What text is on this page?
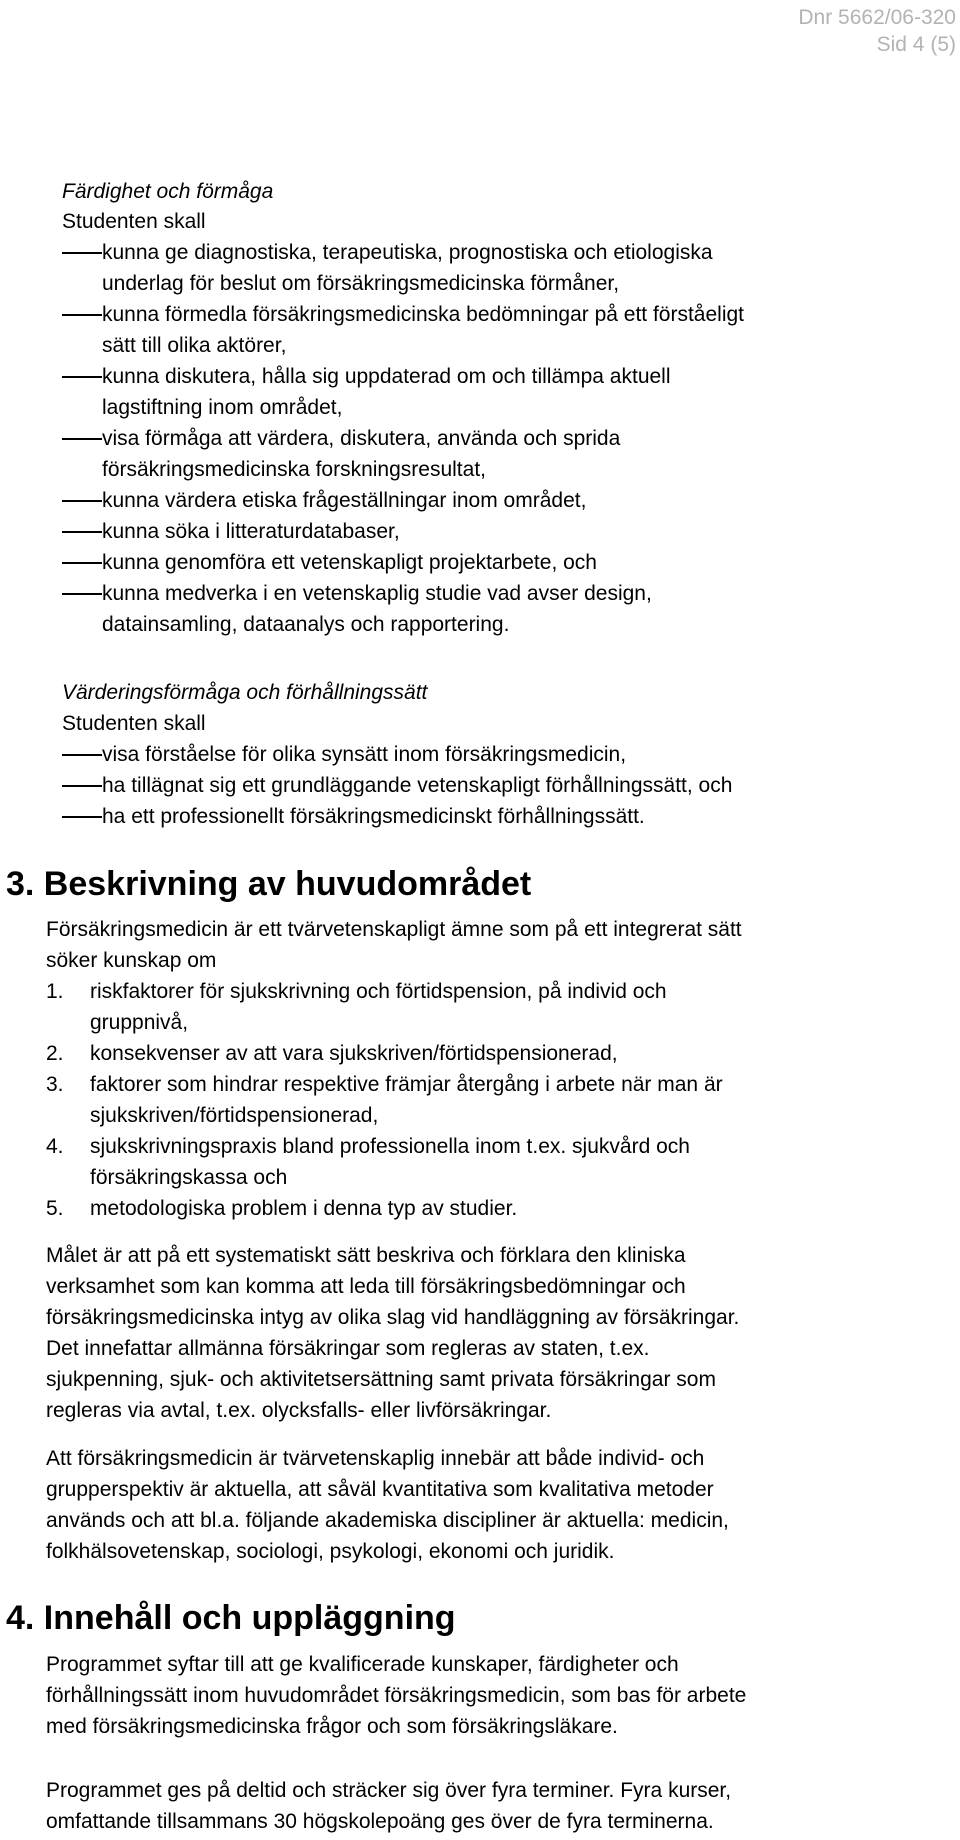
Dnr 5662/06-320
Sid 4 (5)
Färdighet och förmåga
Studenten skall
kunna ge diagnostiska, terapeutiska, prognostiska och etiologiska
underlag för beslut om försäkringsmedicinska förmåner,
kunna förmedla försäkringsmedicinska bedömningar på ett förståeligt
sätt till olika aktörer,
kunna diskutera, hålla sig uppdaterad om och tillämpa aktuell
lagstiftning inom området,
visa förmåga att värdera, diskutera, använda och sprida
försäkringsmedicinska forskningsresultat,
kunna värdera etiska frågeställningar inom området,
kunna söka i litteraturdatabaser,
kunna genomföra ett vetenskapligt projektarbete, och
kunna medverka i en vetenskaplig studie vad avser design,
datainsamling, dataanalys och rapportering.
Värderingsförmåga och förhållningssätt
Studenten skall
visa förståelse för olika synsätt inom försäkringsmedicin,
ha tillägnat sig ett grundläggande vetenskapligt förhållningssätt, och
ha ett professionellt försäkringsmedicinskt förhållningssätt.
3. Beskrivning av huvudområdet
Försäkringsmedicin är ett tvärvetenskapligt ämne som på ett integrerat sätt
söker kunskap om
1.	riskfaktorer för sjukskrivning och förtidspension, på individ och
gruppnivå,
2.	konsekvenser av att vara sjukskriven/förtidspensionerad,
3.	faktorer som hindrar respektive främjar återgång i arbete när man är
sjukskriven/förtidspensionerad,
4.	sjukskrivningspraxis bland professionella inom t.ex. sjukvård och
försäkringskassa och
5.	metodologiska problem i denna typ av studier.
Målet är att på ett systematiskt sätt beskriva och förklara den kliniska
verksamhet som kan komma att leda till försäkringsbedömningar och
försäkringsmedicinska intyg av olika slag vid handläggning av försäkringar.
Det innefattar allmänna försäkringar som regleras av staten, t.ex.
sjukpenning, sjuk- och aktivitetsersättning samt privata försäkringar som
regleras via avtal, t.ex. olycksfalls- eller livförsäkringar.
Att försäkringsmedicin är tvärvetenskaplig innebär att både individ- och
grupperspektiv är aktuella, att såväl kvantitativa som kvalitativa metoder
används och att bl.a. följande akademiska discipliner är aktuella: medicin,
folkhälsovetenskap, sociologi, psykologi, ekonomi och juridik.
4. Innehåll och uppläggning
Programmet syftar till att ge kvalificerade kunskaper, färdigheter och
förhållningssätt inom huvudområdet försäkringsmedicin, som bas för arbete
med försäkringsmedicinska frågor och som försäkringsläkare.
Programmet ges på deltid och sträcker sig över fyra terminer. Fyra kurser,
omfattande tillsammans 30 högskolepoäng ges över de fyra terminerna.
